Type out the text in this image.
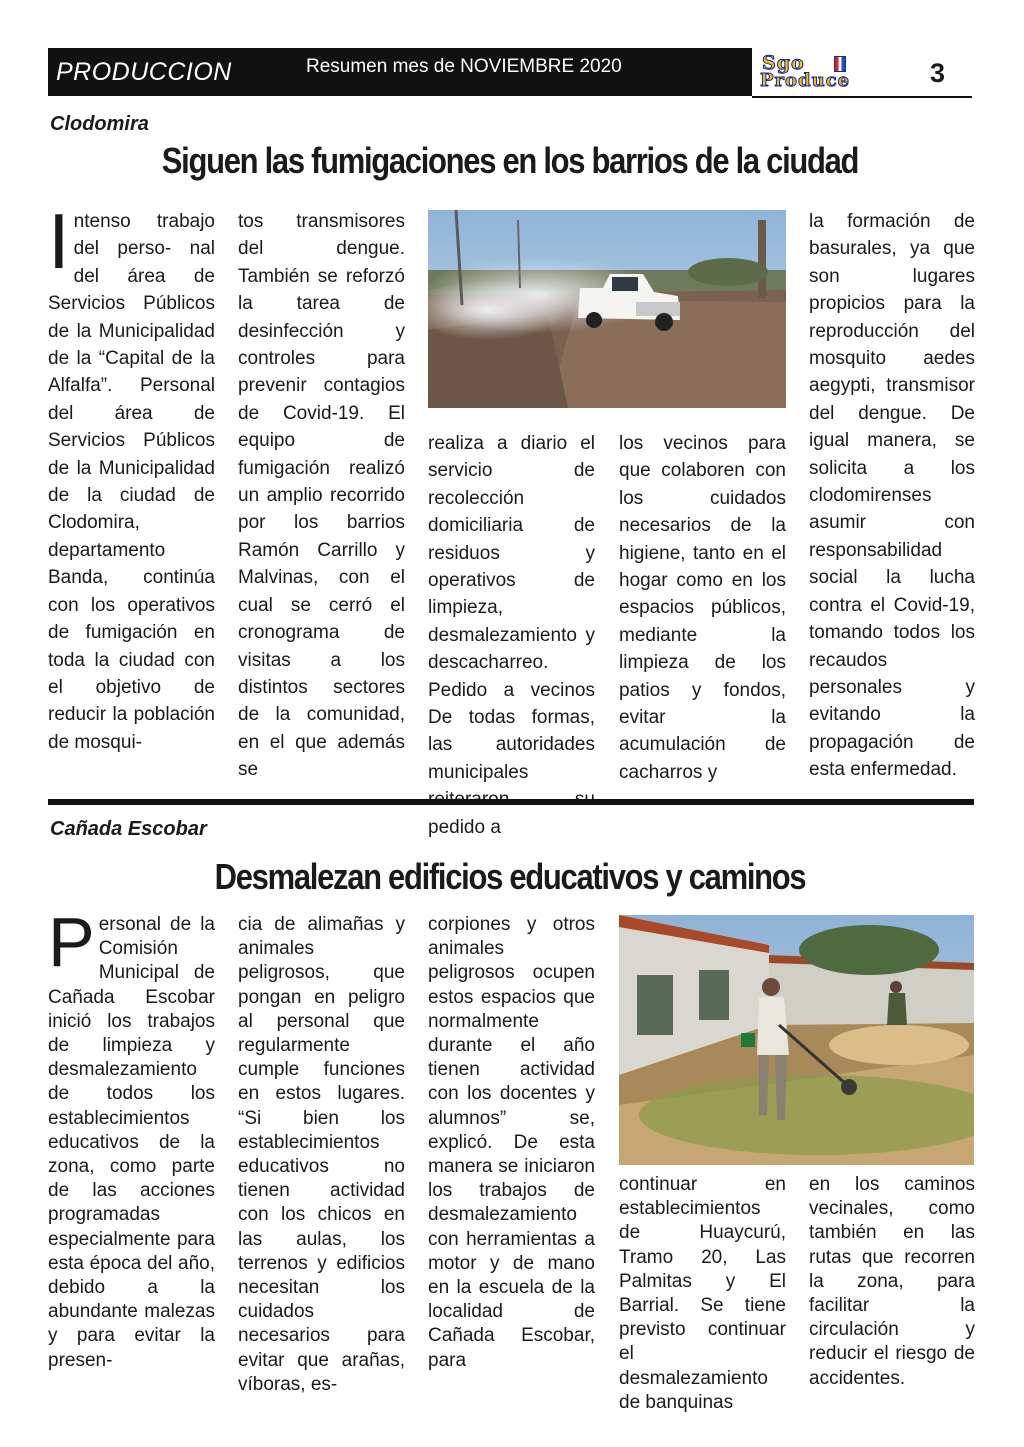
PRODUCCION	Resumen mes de NOVIEMBRE 2020	Sgo
Produce	3
Clodomira
Siguen las fumigaciones en los barrios de la ciudad
Intenso trabajo del perso- nal del área de Servicios Públicos de la Municipalidad de la “Capital de la Alfalfa”. Personal del área de Servicios Públicos de la Municipalidad de la ciudad de Clodomira, departamento Banda, continúa con los operativos de fumigación en toda la ciudad con el objetivo de reducir la población de mosqui-
tos transmisores del dengue. También se reforzó la tarea de desinfección y controles para prevenir contagios de Covid-19. El equipo de fumigación realizó un amplio recorrido por los barrios Ramón Carrillo y Malvinas, con el cual se cerró el cronograma de visitas a los distintos sectores de la comunidad, en el que además se
realiza a diario el servicio de recolección domiciliaria de residuos y operativos de limpieza, desmalezamiento y descacharreo. Pedido a vecinos De todas formas, las autoridades municipales pedido a
los vecinos para que colaboren con los cuidados necesarios de la higiene, tanto en el hogar como en los espacios públicos, mediante la limpieza de los patios y fondos, evitar la acumulación de cacharros y
la formación de basurales, ya que son lugares propicios para la reproducción del mosquito aedes aegypti, transmisor del dengue. De igual manera, se solicita a los clodomirenses asumir con responsabilidad social la lucha contra el Covid-19, tomando todos los recaudos personales y evitando la propagación de esta enfermedad.
Cañada Escobar
Desmalezan edificios educativos y caminos
Personal de la Comisión Municipal de Cañada Escobar inició los trabajos de limpieza y desmalezamiento de todos los establecimientos educativos de la zona, como parte de las acciones programadas especialmente para esta época del año, debido a la abundante malezas y para evitar la presen-
cia de alimañas y animales peligrosos, que pongan en peligro al personal que regularmente cumple funciones en estos lugares. “Si bien los establecimientos educativos no tienen actividad con los chicos en las aulas, los terrenos y edificios necesitan los cuidados necesarios para evitar que arañas, víboras, es-
corpiones y otros animales peligrosos ocupen estos espacios que normalmente durante el año tienen actividad con los docentes y alumnos” se, explicó. De esta manera se iniciaron los trabajos de desmalezamiento con herramientas a motor y de mano en la escuela de la localidad de Cañada Escobar, para
continuar en establecimientos de Huaycurú, Tramo 20, Las Palmitas y El Barrial. Se tiene previsto continuar el desmalezamiento de banquinas
en los caminos vecinales, como también en las rutas que recorren la zona, para facilitar la circulación y reducir el riesgo de accidentes.
